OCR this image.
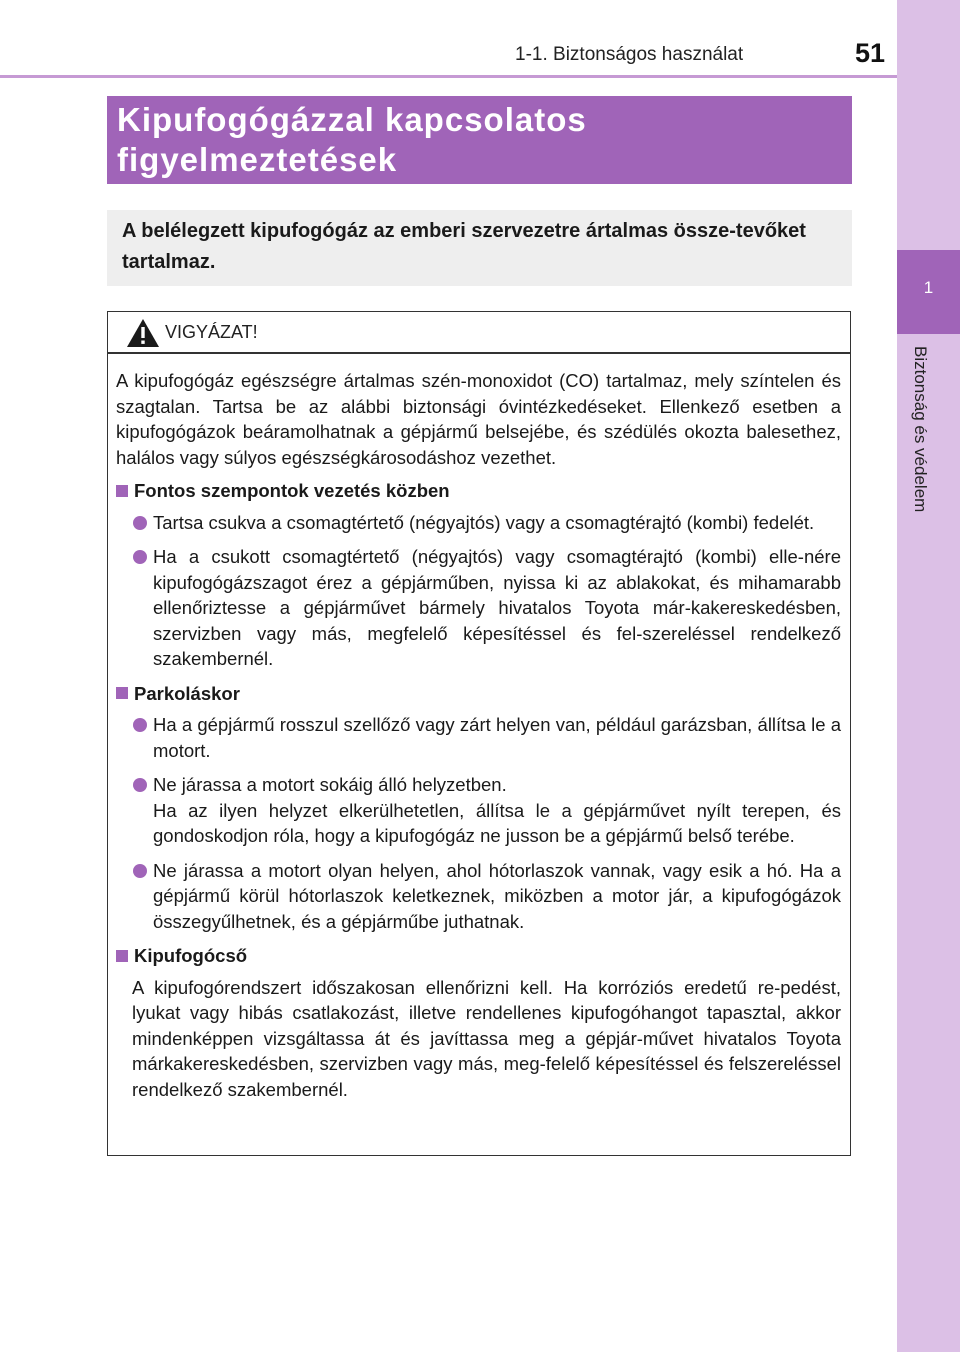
1-1. Biztonságos használat	51
1
Biztonság és védelem
Kipufogógázzal kapcsolatos
figyelmeztetések
A belélegzett kipufogógáz az emberi szervezetre ártalmas össze-tevőket tartalmaz.
VIGYÁZAT!

A kipufogógáz egészségre ártalmas szén-monoxidot (CO) tartalmaz, mely színtelen és szagtalan. Tartsa be az alábbi biztonsági óvintézkedéseket. Ellenkező esetben a kipufogógázok beáramolhatnak a gépjármű belsejébe, és szédülés okozta balesethez, halálos vagy súlyos egészségkárosodáshoz vezethet.

Fontos szempontok vezetés közben

Tartsa csukva a csomagtértető (négyajtós) vagy a csomagtérajtó (kombi) fedelét.

Ha a csukott csomagtértető (négyajtós) vagy csomagtérajtó (kombi) elle-nére kipufogógázszagot érez a gépjárműben, nyissa ki az ablakokat, és mihamarabb ellenőriztesse a gépjárművet bármely hivatalos Toyota már-kakereskedésben, szervizben vagy más, megfelelő képesítéssel és fel-szereléssel rendelkező szakembernél.

Parkoláskor

Ha a gépjármű rosszul szellőző vagy zárt helyen van, például garázsban, állítsa le a motort.

Ne járassa a motort sokáig álló helyzetben.

Ha az ilyen helyzet elkerülhetetlen, állítsa le a gépjárművet nyílt terepen, és gondoskodjon róla, hogy a kipufogógáz ne jusson be a gépjármű belső terébe.

Ne járassa a motort olyan helyen, ahol hótorlaszok vannak, vagy esik a hó. Ha a gépjármű körül hótorlaszok keletkeznek, miközben a motor jár, a kipufogógázok összegyűlhetnek, és a gépjárműbe juthatnak.

Kipufogócső

A kipufogórendszert időszakosan ellenőrizni kell. Ha korróziós eredetű re-pedést, lyukat vagy hibás csatlakozást, illetve rendellenes kipufogóhangot tapasztal, akkor mindenképpen vizsgáltassa át és javíttassa meg a gépjár-művet hivatalos Toyota márkakereskedésben, szervizben vagy más, meg-felelő képesítéssel és felszereléssel rendelkező szakembernél.
